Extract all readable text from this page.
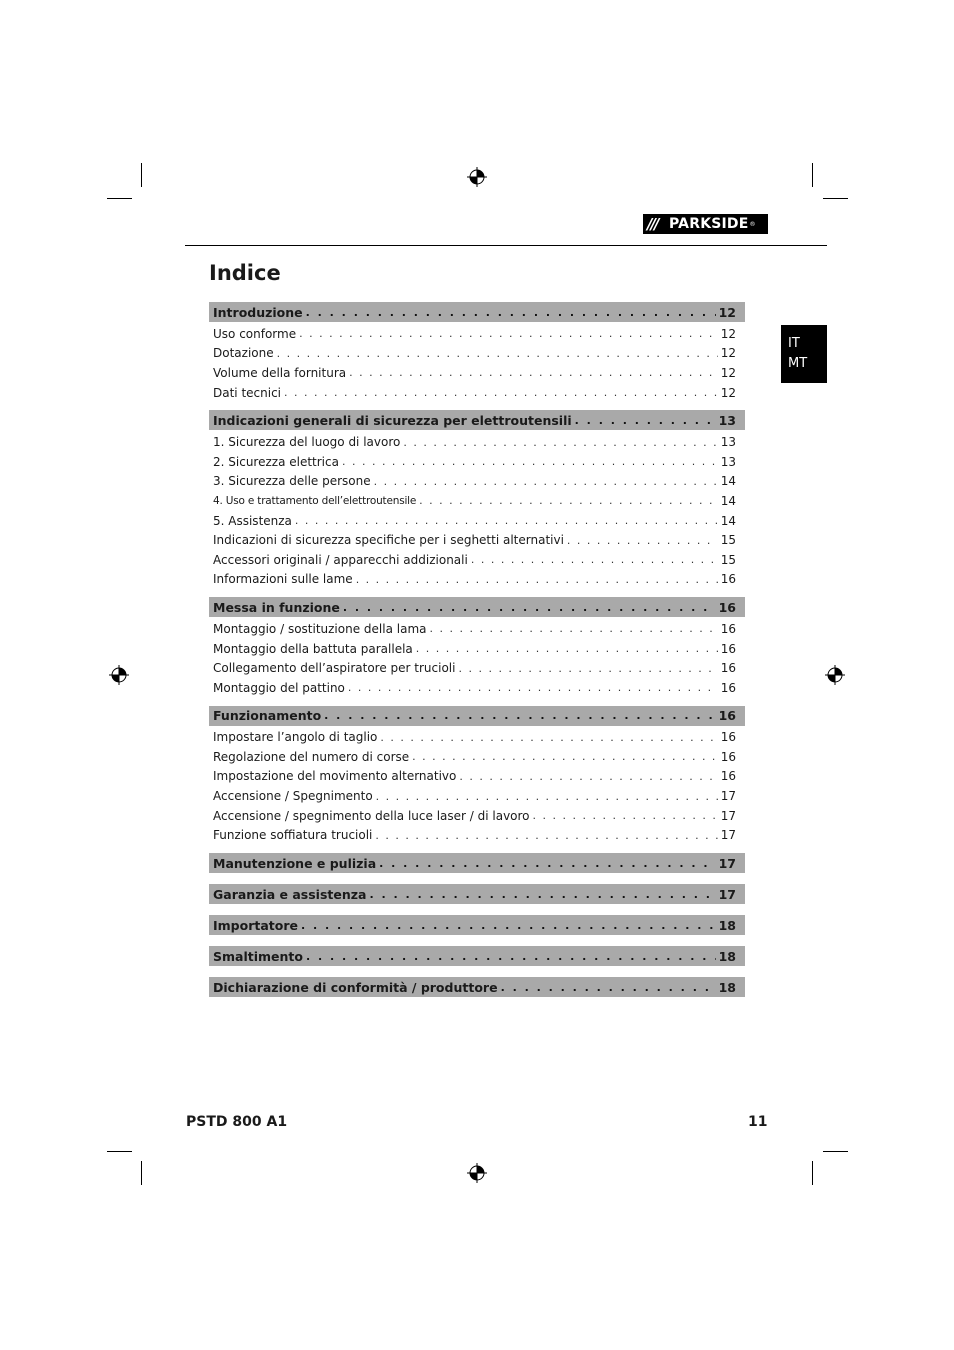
/// PARKSIDE ®
Indice
IT
MT
Introduzione . . .	12
Uso conforme . . .	12
Dotazione . . .	12
Volume della fornitura . . .	12
Dati tecnici . . .	12
Indicazioni generali di sicurezza per elettroutensili . . .	13
1. Sicurezza del luogo di lavoro . . .	13
2. Sicurezza elettrica . . .	13
3. Sicurezza delle persone . . .	14
4. Uso e trattamento dell’elettroutensile . . .	14
5. Assistenza . . .	14
Indicazioni di sicurezza specifiche per i seghetti alternativi . . .	15
Accessori originali / apparecchi addizionali . . .	15
Informazioni sulle lame . . .	16
Messa in funzione . . .	16
Montaggio / sostituzione della lama . . .	16
Montaggio della battuta parallela . . .	16
Collegamento dell’aspiratore per trucioli . . .	16
Montaggio del pattino . . .	16
Funzionamento . . .	16
Impostare l’angolo di taglio . . .	16
Regolazione del numero di corse . . .	16
Impostazione del movimento alternativo . . .	16
Accensione / Spegnimento . . .	17
Accensione / spegnimento della luce laser / di lavoro . . .	17
Funzione soffiatura trucioli . . .	17
Manutenzione e pulizia . . .	17
Garanzia e assistenza . . .	17
Importatore . . .	18
Smaltimento . . .	18
Dichiarazione di conformità / produttore . . .	18
PSTD 800 A1	11
